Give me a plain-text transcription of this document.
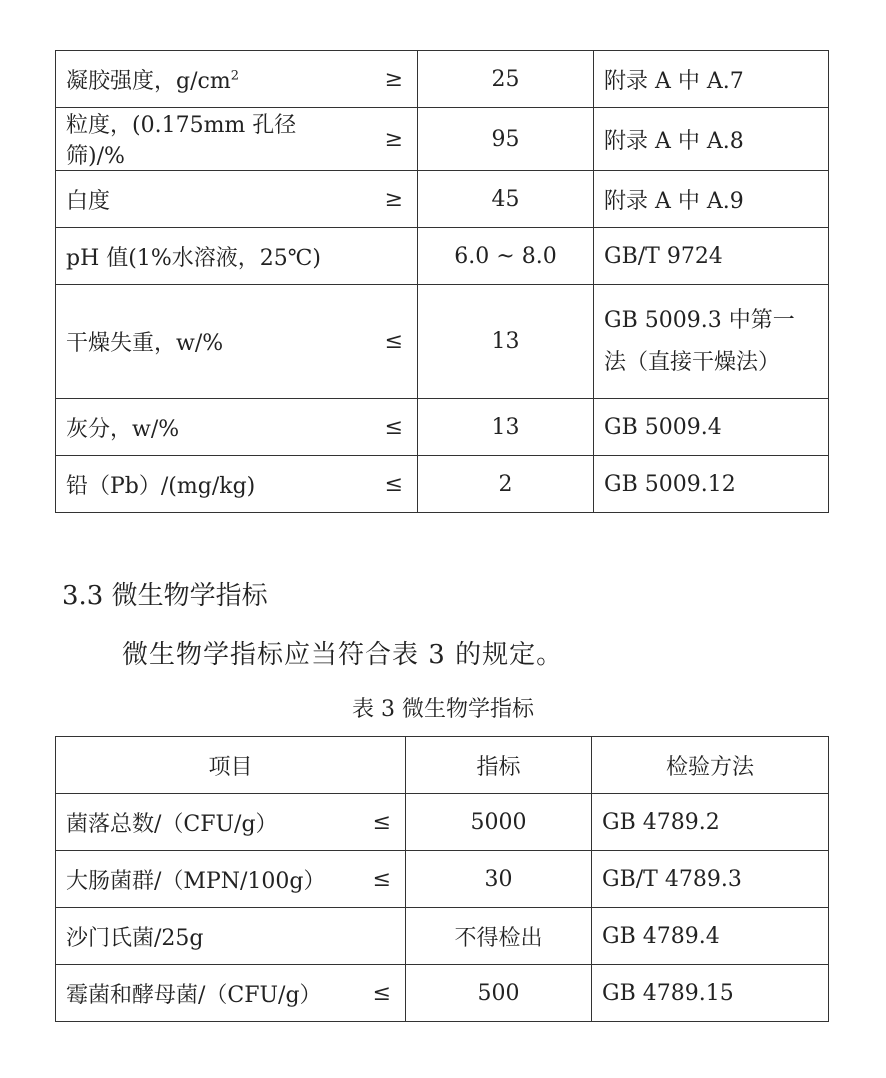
凝胶强度，$g/cm^2$	≥	25	附录 A 中 A.7
粒度，(0.175mm 孔径筛)/%	≥	95	附录 A 中 A.8
白度	≥	45	附录 A 中 A.9
pH 值(1%水溶液，25℃)		6.0 ~ 8.0	GB/T 9724
干燥失重，w/%	≤	13	GB 5009.3 中第一
法（直接干燥法）

灰分，w/%	≤	13	GB 5009.4
铅（Pb）/(mg/kg)	≤	2	GB 5009.12
3.3 微生物学指标
微生物学指标应当符合表 3 的规定。
表 3 微生物学指标
项目		指标	检验方法
菌落总数/（CFU/g）	≤	5000	GB 4789.2
大肠菌群/（MPN/100g）	≤	30	GB/T 4789.3
沙门氏菌/25g		不得检出	GB 4789.4
霉菌和酵母菌/（CFU/g）	≤	500	GB 4789.15
